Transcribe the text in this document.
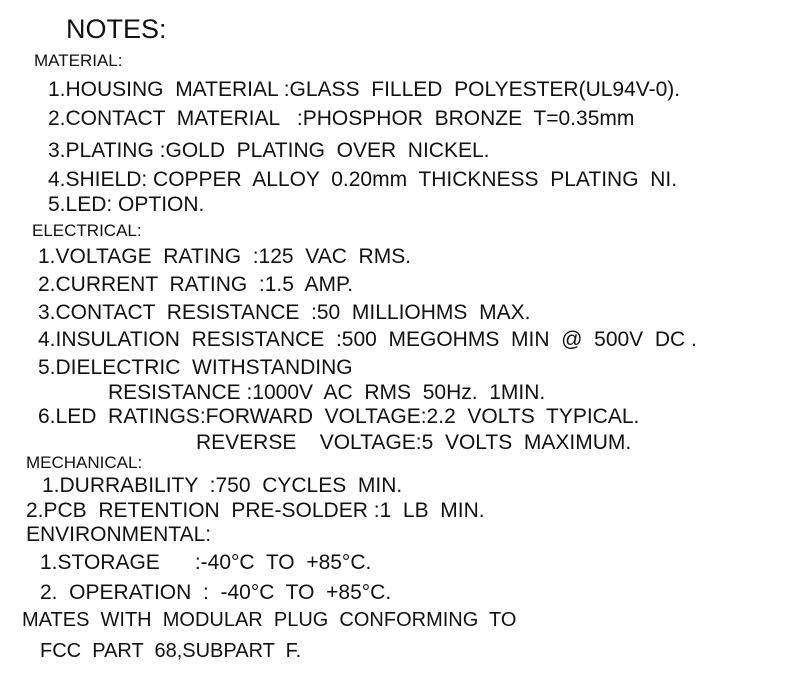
NOTES:
MATERIAL:
1.HOUSING  MATERIAL :GLASS  FILLED  POLYESTER(UL94V-0).
2.CONTACT  MATERIAL   :PHOSPHOR  BRONZE  T=0.35mm
3.PLATING :GOLD  PLATING  OVER  NICKEL.
4.SHIELD: COPPER  ALLOY  0.20mm  THICKNESS  PLATING  NI.
5.LED: OPTION.
ELECTRICAL:
1.VOLTAGE  RATING  :125  VAC  RMS.
2.CURRENT  RATING  :1.5  AMP.
3.CONTACT  RESISTANCE  :50  MILLIOHMS  MAX.
4.INSULATION  RESISTANCE  :500  MEGOHMS  MIN  @  500V  DC .
5.DIELECTRIC  WITHSTANDING
RESISTANCE :1000V  AC  RMS  50Hz.  1MIN.
6.LED  RATINGS:FORWARD  VOLTAGE:2.2  VOLTS  TYPICAL.
REVERSE    VOLTAGE:5  VOLTS  MAXIMUM.
MECHANICAL:
1.DURRABILITY  :750  CYCLES  MIN.
2.PCB  RETENTION  PRE-SOLDER :1  LB  MIN.
ENVIRONMENTAL:
1.STORAGE      :-40°C  TO  +85°C.
2.  OPERATION  :  -40°C  TO  +85°C.
MATES  WITH  MODULAR  PLUG  CONFORMING  TO
FCC  PART  68,SUBPART  F.
